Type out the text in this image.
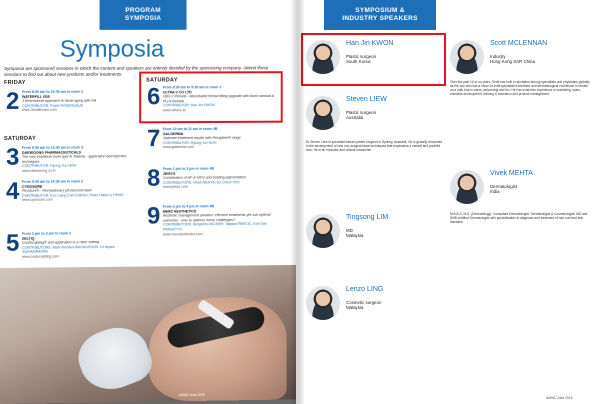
PROGRAM
SYMPOSIA
Symposia
Symposia are sponsored sessions in which the content and speakers are entirely decided by the sponsoring company. Attend these sessions to find out about new products and/or treatments.
FRIDAY
SATURDAY
SATURDAY
2 From 8:30 am to 10:30 am in room 2
WATERFILL ISIS
3 dimensional approach to facial aging with HA
CONTRIBUTOR: Frank ROSENGAUS
www.3healthcare.com
3 From 9:30 am to 10:30 am in room 3
DAEWOONG PHARMACEUTICALS
The new botulinum toxin type A: Nabota - application and injection techniques
CONTRIBUTOR: Hyung Jun NOH
www.daewoong.co.kr
4 From 9:30 am to 10:30 am in room 2
CYNOSURE
PicoSure® - Revolutionary picosecond laser
CONTRIBUTOR: Koo Liang Carl CHENG, Peter Hsien-Li PENG
www.cynosure.com
5 From 2 pm to 3 pm in room 2
ZELTIQ
CoolSculpting® and application in a clinic setting
CONTRIBUTORS: Mark Richard MAGNUSSON, Dr Aryani SUDHARMONO
www.coolsculpting.com
6 From 8:30 am to 9:30 am in room 2
ULTRA V CO LTD
Ultra V threads - Absorbable thread lifting upgrade with blunt cannula & PLLA threads
CONTRIBUTOR: Han Jin KWON
www.ultravo.kr
7 From 10 am to 11 am in room 4B
GALDERMA
Optimize treatment results with Restylane® range
CONTRIBUTOR: Hyung Jun NOH
www.galderma.com
8 From 2 pm to 3 pm in room 4B
JEISYS
Combination of HF & HIFU and treating pigmentation
CONTRIBUTORS: Vivek MEHTA, Un Cheol YEO
www.jeisys.com
9 From 3 pm to 4 pm in room 4B
MERZ AESTHETICS
Aesthetic management paradox: effective treatments yet sub-optimal outcomes - how to address these challenges?
CONTRIBUTORS: Benjamin ASCHER, Tatjana PAVICIC, Koh Dan PRASETYO
www.merzaesthetics.com
AMWC Asia 2015
SYMPOSIUM &
INDUSTRY SPEAKERS
Han Jin KWON
Plastic surgeon
South Korea
Scott MCLENNAN
Industry
Hong Kong SAR China

Over the past 14 or so years, Scott has built a reputation among specialists and physicians globally as the one who has a vision to instil specialised aesthetic and dermatological excellence in results on a path that is warm, welcoming and fun. He has extensive experience in marketing, sales, business development, training & education and product management.

Steven LIEW
Plastic surgeon
Australia

Dr Steven Liew is specialist trained plastic surgeon in Sydney, Australia. He is globally renowned in the development of new non-surgical facial techniques that emphasise a natural and youthful look. He is an educator and clinical researcher.

Tingsong LIM
MD
Malaysia
Vivek MEHTA
Dermatologist
India

M.B.B.S, M.D. (Dermatology). Consultant Dermatologist, Dermatologist & Cosmetologist. MD and DNB certified Dermatologist with specialisation in diagnosis and treatment of hair, nail and skin diseases.

Lenzo LING
Cosmetic surgeon
Malaysia
AMWC Asia 2015
